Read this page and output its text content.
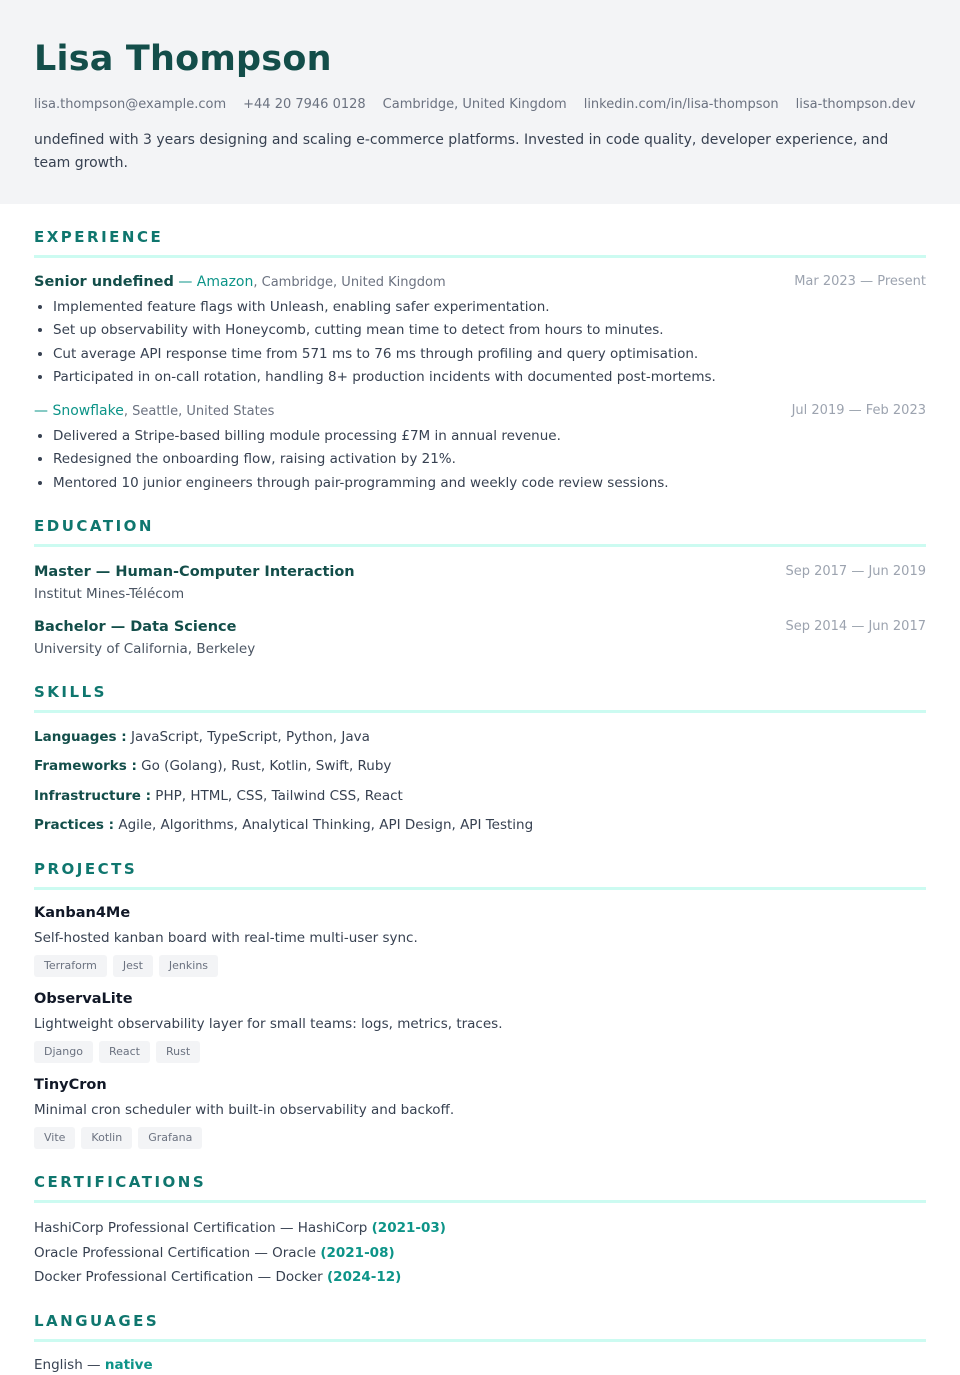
Lisa Thompson
lisa.thompson@example.com +44 20 7946 0128 Cambridge, United Kingdom linkedin.com/in/lisa-thompson lisa-thompson.dev
undefined with 3 years designing and scaling e-commerce platforms. Invested in code quality, developer experience, and team growth.
EXPERIENCE
Senior undefined — Amazon, Cambridge, United Kingdom	Mar 2023 — Present
• Implemented feature flags with Unleash, enabling safer experimentation.
• Set up observability with Honeycomb, cutting mean time to detect from hours to minutes.
• Cut average API response time from 571 ms to 76 ms through profiling and query optimisation.
• Participated in on-call rotation, handling 8+ production incidents with documented post-mortems.
— Snowflake, Seattle, United States	Jul 2019 — Feb 2023
• Delivered a Stripe-based billing module processing £7M in annual revenue.
• Redesigned the onboarding flow, raising activation by 21%.
• Mentored 10 junior engineers through pair-programming and weekly code review sessions.
EDUCATION
Master — Human-Computer Interaction	Sep 2017 — Jun 2019
Institut Mines-Télécom
Bachelor — Data Science	Sep 2014 — Jun 2017
University of California, Berkeley
SKILLS
Languages : JavaScript, TypeScript, Python, Java
Frameworks : Go (Golang), Rust, Kotlin, Swift, Ruby
Infrastructure : PHP, HTML, CSS, Tailwind CSS, React
Practices : Agile, Algorithms, Analytical Thinking, API Design, API Testing
PROJECTS
Kanban4Me
Self-hosted kanban board with real-time multi-user sync.
Terraform	Jest	Jenkins
ObservaLite
Lightweight observability layer for small teams: logs, metrics, traces.
Django	React	Rust
TinyCron
Minimal cron scheduler with built-in observability and backoff.
Vite	Kotlin	Grafana
CERTIFICATIONS
HashiCorp Professional Certification — HashiCorp (2021-03)
Oracle Professional Certification — Oracle (2021-08)
Docker Professional Certification — Docker (2024-12)
LANGUAGES
English — native
